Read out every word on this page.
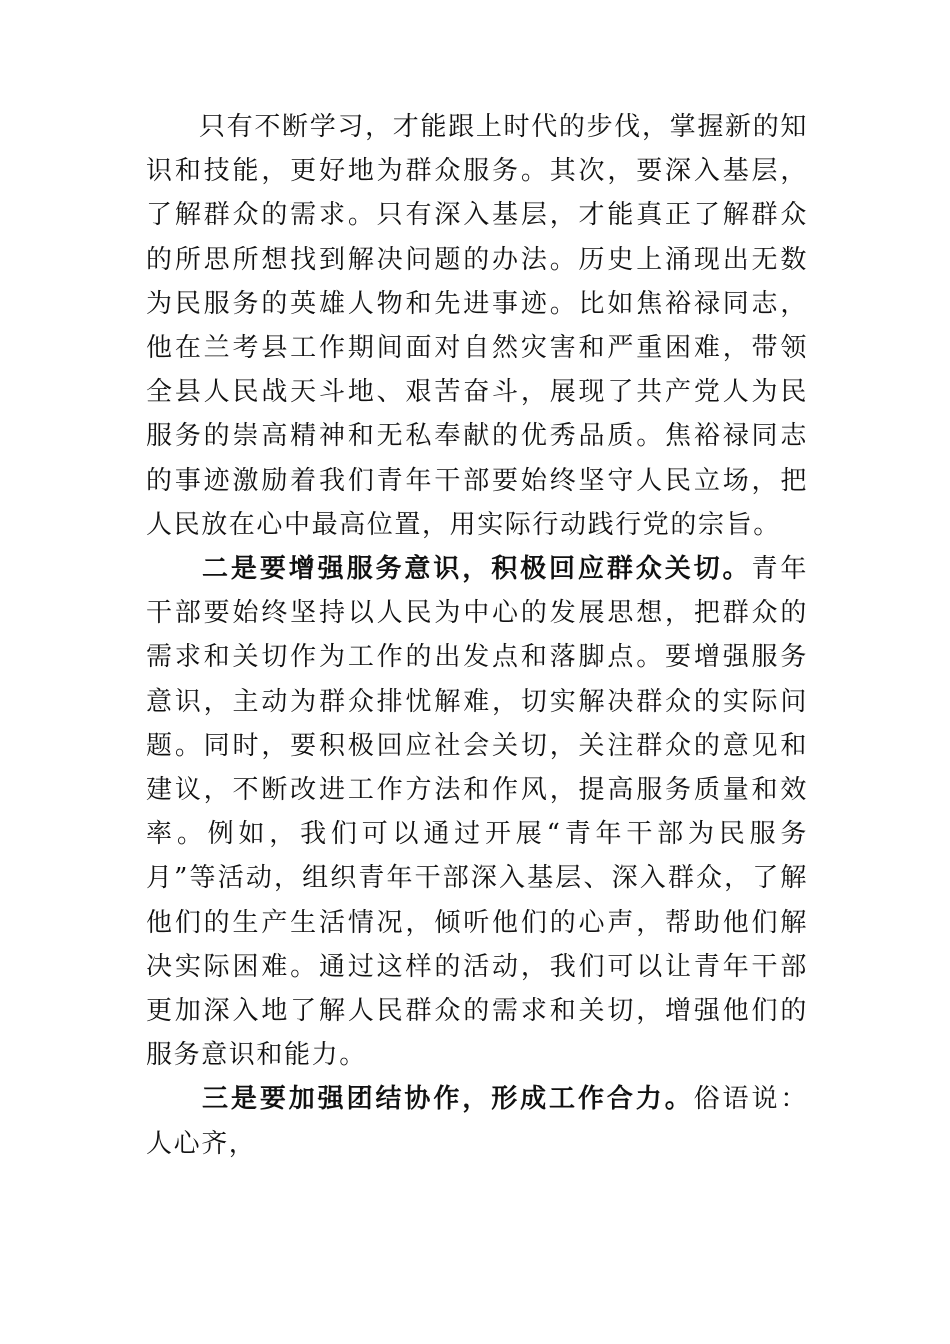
只有不断学习，才能跟上时代的步伐，掌握新的知识和技能，更好地为群众服务。其次，要深入基层，了解群众的需求。只有深入基层，才能真正了解群众的所思所想找到解决问题的办法。历史上涌现出无数为民服务的英雄人物和先进事迹。比如焦裕禄同志，他在兰考县工作期间面对自然灾害和严重困难，带领全县人民战天斗地、艰苦奋斗，展现了共产党人为民服务的崇高精神和无私奉献的优秀品质。焦裕禄同志的事迹激励着我们青年干部要始终坚守人民立场，把人民放在心中最高位置，用实际行动践行党的宗旨。

二是要增强服务意识，积极回应群众关切。青年干部要始终坚持以人民为中心的发展思想，把群众的需求和关切作为工作的出发点和落脚点。要增强服务意识，主动为群众排忧解难，切实解决群众的实际问题。同时，要积极回应社会关切，关注群众的意见和建议，不断改进工作方法和作风，提高服务质量和效率。例如，我们可以通过开展“青年干部为民服务月”等活动，组织青年干部深入基层、深入群众，了解他们的生产生活情况，倾听他们的心声，帮助他们解决实际困难。通过这样的活动，我们可以让青年干部更加深入地了解人民群众的需求和关切，增强他们的服务意识和能力。

三是要加强团结协作，形成工作合力。俗语说：人心齐，
